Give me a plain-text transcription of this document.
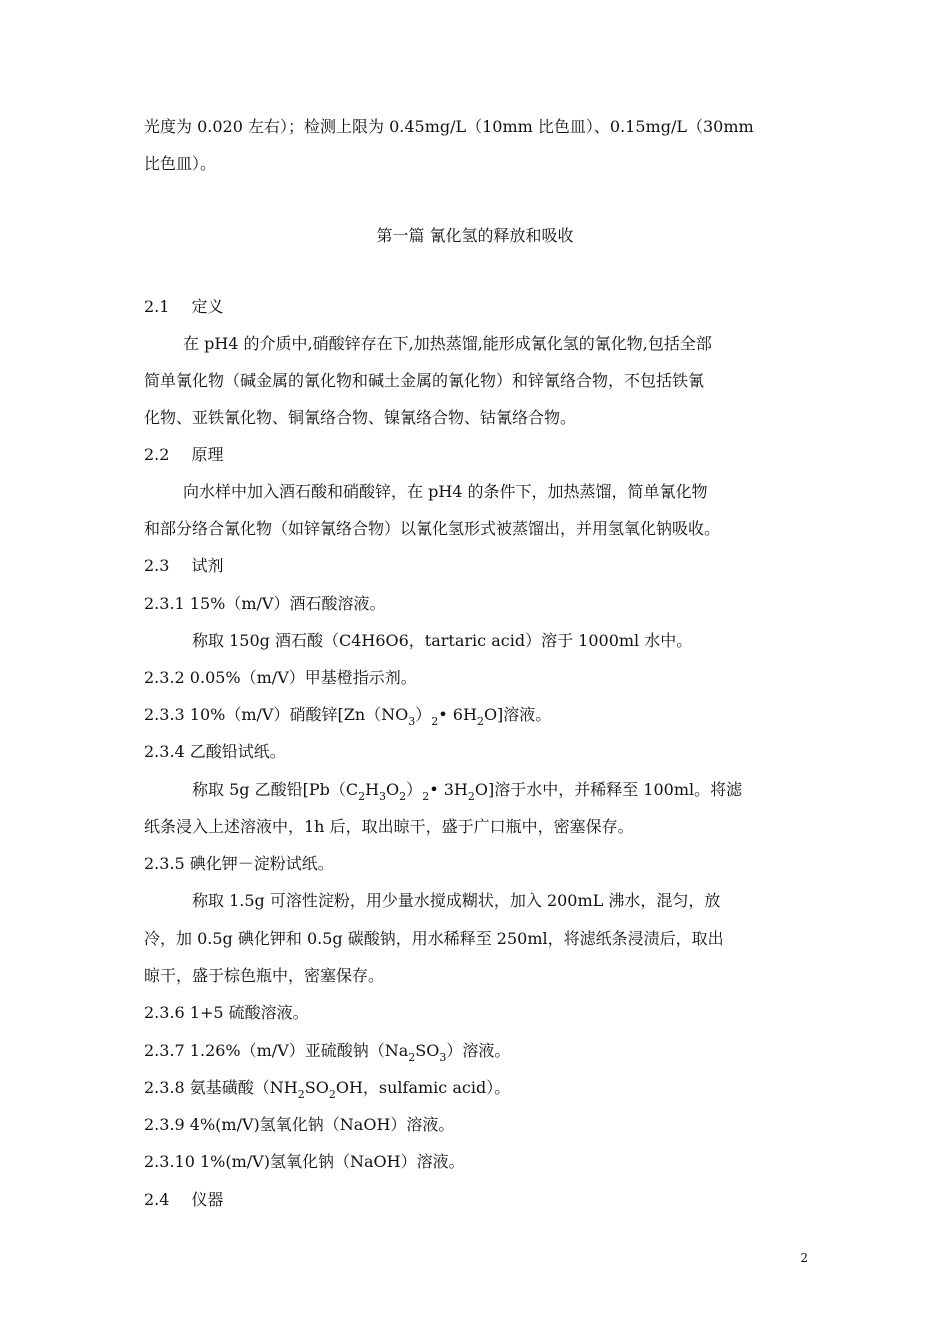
光度为 0.020 左右）；检测上限为 0.45mg/L（10mm 比色皿）、0.15mg/L（30mm
比色皿）。
第一篇 氰化氢的释放和吸收
2.1 定义
在 pH4 的介质中,硝酸锌存在下,加热蒸馏,能形成氰化氢的氰化物,包括全部
简单氰化物（碱金属的氰化物和碱土金属的氰化物）和锌氰络合物，不包括铁氰
化物、亚铁氰化物、铜氰络合物、镍氰络合物、钴氰络合物。
2.2 原理
向水样中加入酒石酸和硝酸锌，在 pH4 的条件下，加热蒸馏，简单氰化物
和部分络合氰化物（如锌氰络合物）以氰化氢形式被蒸馏出，并用氢氧化钠吸收。
2.3 试剂
2.3.1 15%（m/V）酒石酸溶液。
称取 150g 酒石酸（C4H6O6，tartaric acid）溶于 1000ml 水中。
2.3.2 0.05%（m/V）甲基橙指示剂。
2.3.3 10%（m/V）硝酸锌[$Zn(NO_3)_2•$ $6H_2O$]溶液。
2.3.4 乙酸铅试纸。
称取 5g 乙酸铅[$Pb(C_2H_3O_2)_2•$ $3H_2O$]溶于水中，并稀释至 100ml。将滤
纸条浸入上述溶液中，1h 后，取出晾干，盛于广口瓶中，密塞保存。
2.3.5 碘化钾－淀粉试纸。
称取 1.5g 可溶性淀粉，用少量水搅成糊状，加入 200mL 沸水，混匀，放
冷，加 0.5g 碘化钾和 0.5g 碳酸钠，用水稀释至 250ml，将滤纸条浸渍后，取出
晾干，盛于棕色瓶中，密塞保存。
2.3.6 1+5 硫酸溶液。
2.3.7 1.26%（m/V）亚硫酸钠$(Na_2SO_3)$溶液。
2.3.8 氨基磺酸（$NH_2SO_2OH$，sulfamic acid）。
2.3.9 4%(m/V)氢氧化钠（NaOH）溶液。
2.3.10 1%(m/V)氢氧化钠（NaOH）溶液。
2.4 仪器
2
